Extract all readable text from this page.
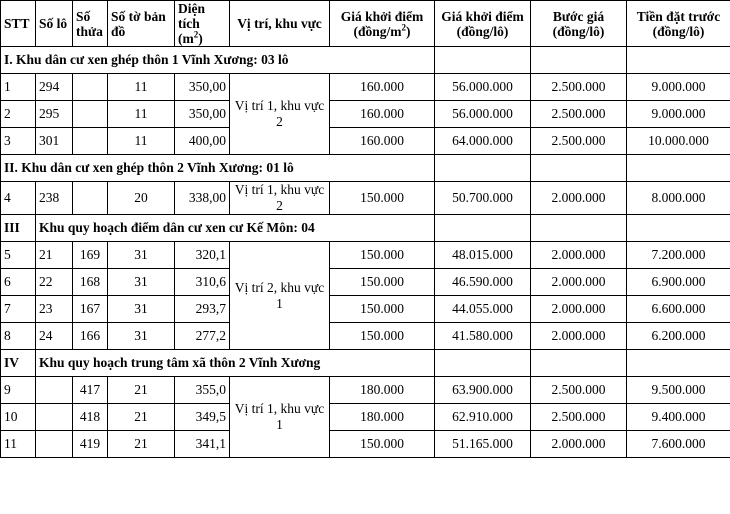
STT	Số lô	Số thửa	Số tờ bản đồ	Diện tích $(m^2)$	Vị trí, khu vực	Giá khởi điểm $(đồng/m^2)$	Giá khởi điểm (đồng/lô)	Bước giá (đồng/lô)	Tiền đặt trước (đồng/lô)
I. Khu dân cư xen ghép thôn 1 Vĩnh Xương: 03 lô									
1	294		11	350,00	Vị trí 1, khu vực 2	160.000	56.000.000	2.500.000	9.000.000
2	295		11	350,00		160.000	56.000.000	2.500.000	9.000.000
3	301		11	400,00		160.000	64.000.000	2.500.000	10.000.000
II. Khu dân cư xen ghép thôn 2 Vĩnh Xương: 01 lô									
4	238		20	338,00	Vị trí 1, khu vực 2	150.000	50.700.000	2.000.000	8.000.000
III	Khu quy hoạch điểm dân cư xen cư Kế Môn: 04								
5	21	169	31	320,1	Vị trí 2, khu vực 1	150.000	48.015.000	2.000.000	7.200.000
6	22	168	31	310,6		150.000	46.590.000	2.000.000	6.900.000
7	23	167	31	293,7		150.000	44.055.000	2.000.000	6.600.000
8	24	166	31	277,2		150.000	41.580.000	2.000.000	6.200.000
IV	Khu quy hoạch trung tâm xã thôn 2 Vĩnh Xương								
9		417	21	355,0	Vị trí 1, khu vực 1	180.000	63.900.000	2.500.000	9.500.000
10		418	21	349,5		180.000	62.910.000	2.500.000	9.400.000
11		419	21	341,1		150.000	51.165.000	2.000.000	7.600.000
